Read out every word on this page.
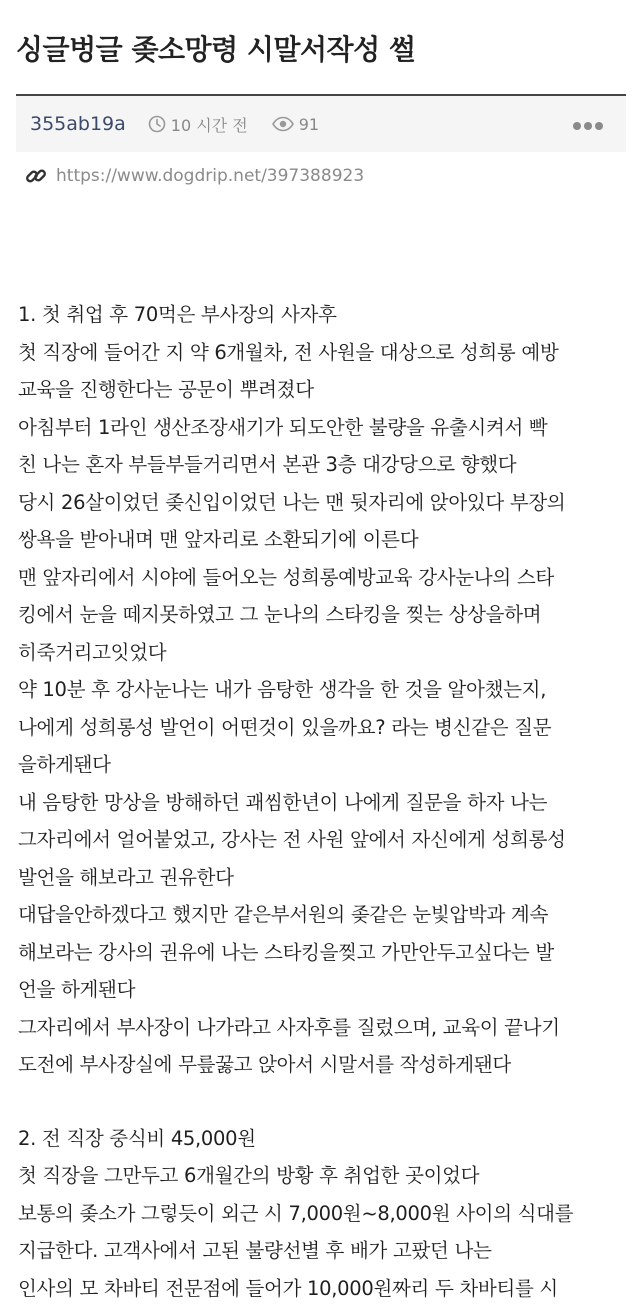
싱글벙글 좆소망령 시말서작성 썰
355ab19a	10 시간 전	91
https://www.dogdrip.net/397388923
1. 첫 취업 후 70먹은 부사장의 사자후
첫 직장에 들어간 지 약 6개월차, 전 사원을 대상으로 성희롱 예방
교육을 진행한다는 공문이 뿌려졌다
아침부터 1라인 생산조장새기가 되도안한 불량을 유출시켜서 빡
친 나는 혼자 부들부들거리면서 본관 3층 대강당으로 향했다
당시 26살이었던 좆신입이었던 나는 맨 뒷자리에 앉아있다 부장의
쌍욕을 받아내며 맨 앞자리로 소환되기에 이른다
맨 앞자리에서 시야에 들어오는 성희롱예방교육 강사눈나의 스타
킹에서 눈을 떼지못하였고 그 눈나의 스타킹을 찢는 상상을하며
히죽거리고잇었다
약 10분 후 강사눈나는 내가 음탕한 생각을 한 것을 알아챘는지,
나에게 성희롱성 발언이 어떤것이 있을까요? 라는 병신같은 질문
을하게됀다
내 음탕한 망상을 방해하던 괘씸한년이 나에게 질문을 하자 나는
그자리에서 얼어붙었고, 강사는 전 사원 앞에서 자신에게 성희롱성
발언을 해보라고 권유한다
대답을안하겠다고 했지만 같은부서원의 좆같은 눈빛압박과 계속
해보라는 강사의 권유에 나는 스타킹을찢고 가만안두고싶다는 발
언을 하게됀다
그자리에서 부사장이 나가라고 사자후를 질렀으며, 교육이 끝나기
도전에 부사장실에 무릎꿇고 앉아서 시말서를 작성하게됀다
2. 전 직장 중식비 45,000원
첫 직장을 그만두고 6개월간의 방황 후 취업한 곳이었다
보통의 좆소가 그렇듯이 외근 시 7,000원~8,000원 사이의 식대를
지급한다. 고객사에서 고된 불량선별 후 배가 고팠던 나는
인사의 모 차바티 전문점에 들어가 10,000원짜리 두 차바티를 시
